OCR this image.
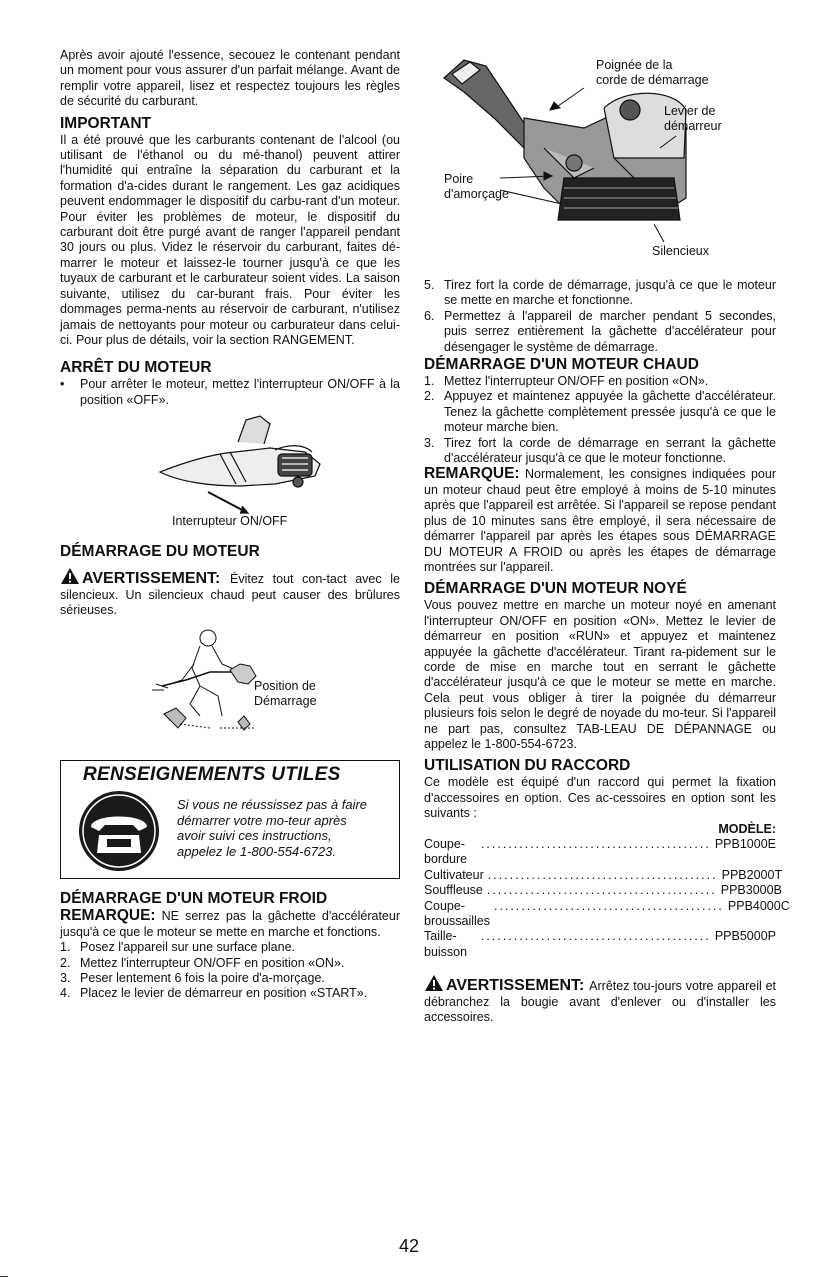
Après avoir ajouté l'essence, secouez le contenant pendant un moment pour vous assurer d'un parfait mélange. Avant de remplir votre appareil, lisez et respectez toujours les règles de sécurité du carburant.

IMPORTANT

Il a été prouvé que les carburants contenant de l'alcool (ou utilisant de l'éthanol ou du mé-thanol) peuvent attirer l'humidité qui entraîne la séparation du carburant et la formation d'a-cides durant le rangement. Les gaz acidiques peuvent endommager le dispositif du carbu-rant d'un moteur. Pour éviter les problèmes de moteur, le dispositif du carburant doit être purgé avant de ranger l'appareil pendant 30 jours ou plus. Videz le réservoir du carburant, faites dé-marrer le moteur et laissez-le tourner jusqu'à ce que les tuyaux de carburant et le carburateur soient vides. La saison suivante, utilisez du car-burant frais. Pour éviter les dommages perma-nents au réservoir de carburant, n'utilisez jamais de nettoyants pour moteur ou carburateur dans celui-ci. Pour plus de détails, voir la section RANGEMENT.

ARRÊT DU MOTEUR
• Pour arrêter le moteur, mettez l'interrupteur ON/OFF à la position «OFF».
Interrupteur ON/OFF
DÉMARRAGE DU MOTEUR

AVERTISSEMENT: Évitez tout con-tact avec le silencieux. Un silencieux chaud peut causer des brûlures sérieuses.

Position de
Démarrage
RENSEIGNEMENTS UTILES
Si vous ne réussissez pas à faire démarrer votre mo-teur après avoir suivi ces instructions, appelez le 1-800-554-6723.
DÉMARRAGE D'UN MOTEUR FROID

REMARQUE: NE serrez pas la gâchette d'accélérateur jusqu'à ce que le moteur se mette en marche et fonctions.

1. Posez l'appareil sur une surface plane.
2. Mettez l'interrupteur ON/OFF en position «ON».
3. Peser lentement 6 fois la poire d'a-morçage.
4. Placez le levier de démarreur en position «START».
Poignée de la
corde de démarrage
Levier de
démarreur
Poire
d'amorçage
Silencieux
5. Tirez fort la corde de démarrage, jusqu'à ce que le moteur se mette en marche et fonctionne.
6. Permettez à l'appareil de marcher pendant 5 secondes, puis serrez entièrement la gâchette d'accélérateur pour désengager le système de démarrage.
DÉMARRAGE D'UN MOTEUR CHAUD
1. Mettez l'interrupteur ON/OFF en position «ON».
2. Appuyez et maintenez appuyée la gâchette d'accélérateur. Tenez la gâchette complètement pressée jusqu'à ce que le moteur marche bien.
3. Tirez fort la corde de démarrage en serrant la gâchette d'accélérateur jusqu'à ce que le moteur fonctionne.

REMARQUE: Normalement, les consignes indiquées pour un moteur chaud peut être employé à moins de 5-10 minutes après que l'appareil est arrêtée. Si l'appareil se repose pendant plus de 10 minutes sans être employé, il sera nécessaire de démarrer l'appareil par après les étapes sous DÉMARRAGE DU MOTEUR A FROID ou après les étapes de démarrage montrées sur l'appareil.

DÉMARRAGE D'UN MOTEUR NOYÉ

Vous pouvez mettre en marche un moteur noyé en amenant l'interrupteur ON/OFF en position «ON». Mettez le levier de démarreur en position «RUN» et appuyez et maintenez appuyée la gâchette d'accélérateur. Tirant ra-pidement sur le corde de mise en marche tout en serrant le gâchette d'accélérateur jusqu'à ce que le moteur se mette en marche. Cela peut vous obliger à tirer la poignée du démarreur plusieurs fois selon le degré de noyade du mo-teur. Si l'appareil ne part pas, consultez TAB-LEAU DE DÉPANNAGE ou appelez le 1-800-554-6723.

UTILISATION DU RACCORD

Ce modèle est équipé d'un raccord qui permet la fixation d'accessoires en option. Ces ac-cessoires en option sont les suivants :

MODÈLE:
Coupe-bordure
.......................................... PPB1000E
Cultivateur .......................................... PPB2000T
Souffleuse .......................................... PPB3000B
Coupe-broussailles
.......................................... PPB4000C
Taille-buisson
.......................................... PPB5000P

AVERTISSEMENT: Arrêtez tou-jours votre appareil et débranchez la bougie avant d'enlever ou d'installer les accessoires.

42
